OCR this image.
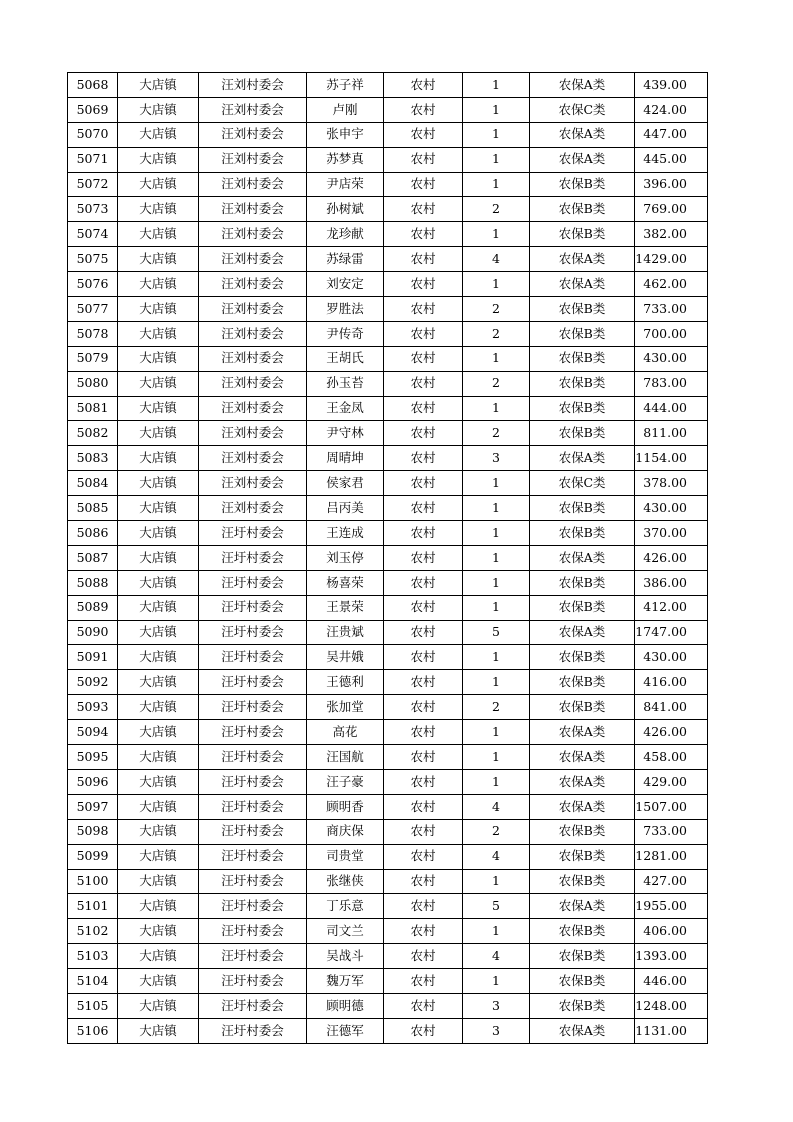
5068	大店镇	汪刘村委会	苏子祥	农村	1	农保A类	439.00
5069	大店镇	汪刘村委会	卢刚	农村	1	农保C类	424.00
5070	大店镇	汪刘村委会	张申宇	农村	1	农保A类	447.00
5071	大店镇	汪刘村委会	苏梦真	农村	1	农保A类	445.00
5072	大店镇	汪刘村委会	尹店荣	农村	1	农保B类	396.00
5073	大店镇	汪刘村委会	孙树斌	农村	2	农保B类	769.00
5074	大店镇	汪刘村委会	龙珍献	农村	1	农保B类	382.00
5075	大店镇	汪刘村委会	苏绿雷	农村	4	农保A类	1429.00
5076	大店镇	汪刘村委会	刘安定	农村	1	农保A类	462.00
5077	大店镇	汪刘村委会	罗胜法	农村	2	农保B类	733.00
5078	大店镇	汪刘村委会	尹传奇	农村	2	农保B类	700.00
5079	大店镇	汪刘村委会	王胡氏	农村	1	农保B类	430.00
5080	大店镇	汪刘村委会	孙玉苔	农村	2	农保B类	783.00
5081	大店镇	汪刘村委会	王金凤	农村	1	农保B类	444.00
5082	大店镇	汪刘村委会	尹守林	农村	2	农保B类	811.00
5083	大店镇	汪刘村委会	周晴坤	农村	3	农保A类	1154.00
5084	大店镇	汪刘村委会	侯家君	农村	1	农保C类	378.00
5085	大店镇	汪刘村委会	吕丙美	农村	1	农保B类	430.00
5086	大店镇	汪圩村委会	王连成	农村	1	农保B类	370.00
5087	大店镇	汪圩村委会	刘玉停	农村	1	农保A类	426.00
5088	大店镇	汪圩村委会	杨喜荣	农村	1	农保B类	386.00
5089	大店镇	汪圩村委会	王景荣	农村	1	农保B类	412.00
5090	大店镇	汪圩村委会	汪贵斌	农村	5	农保A类	1747.00
5091	大店镇	汪圩村委会	吴井娥	农村	1	农保B类	430.00
5092	大店镇	汪圩村委会	王德利	农村	1	农保B类	416.00
5093	大店镇	汪圩村委会	张加堂	农村	2	农保B类	841.00
5094	大店镇	汪圩村委会	高花	农村	1	农保A类	426.00
5095	大店镇	汪圩村委会	汪国航	农村	1	农保A类	458.00
5096	大店镇	汪圩村委会	汪子豪	农村	1	农保A类	429.00
5097	大店镇	汪圩村委会	顾明香	农村	4	农保A类	1507.00
5098	大店镇	汪圩村委会	商庆保	农村	2	农保B类	733.00
5099	大店镇	汪圩村委会	司贵堂	农村	4	农保B类	1281.00
5100	大店镇	汪圩村委会	张继侠	农村	1	农保B类	427.00
5101	大店镇	汪圩村委会	丁乐意	农村	5	农保A类	1955.00
5102	大店镇	汪圩村委会	司文兰	农村	1	农保B类	406.00
5103	大店镇	汪圩村委会	吴战斗	农村	4	农保B类	1393.00
5104	大店镇	汪圩村委会	魏万军	农村	1	农保B类	446.00
5105	大店镇	汪圩村委会	顾明德	农村	3	农保B类	1248.00
5106	大店镇	汪圩村委会	汪德军	农村	3	农保A类	1131.00
